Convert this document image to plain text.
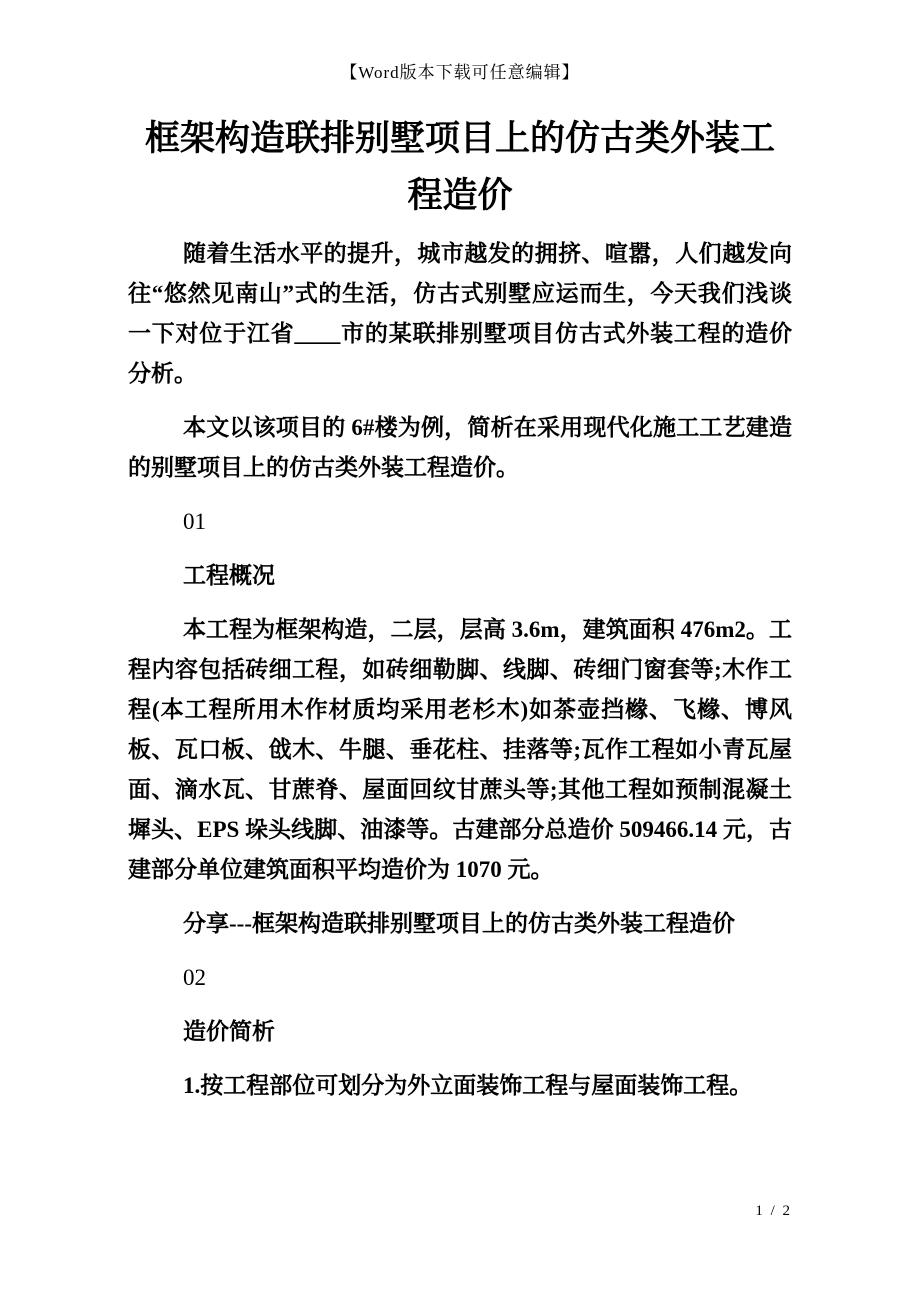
【Word版本下载可任意编辑】
框架构造联排别墅项目上的仿古类外装工程造价

随着生活水平的提升，城市越发的拥挤、喧嚣，人们越发向往“悠然见南山”式的生活，仿古式别墅应运而生，今天我们浅谈一下对位于江省____市的某联排别墅项目仿古式外装工程的造价分析。

本文以该项目的 6#楼为例，简析在采用现代化施工工艺建造的别墅项目上的仿古类外装工程造价。

01

工程概况

本工程为框架构造，二层，层高 3.6m，建筑面积 476m2。工程内容包括砖细工程，如砖细勒脚、线脚、砖细门窗套等;木作工程(本工程所用木作材质均采用老杉木)如茶壶挡橼、飞橼、博风板、瓦口板、戗木、牛腿、垂花柱、挂落等;瓦作工程如小青瓦屋面、滴水瓦、甘蔗脊、屋面回纹甘蔗头等;其他工程如预制混凝土墀头、EPS 垛头线脚、油漆等。古建部分总造价 509466.14 元，古建部分单位建筑面积平均造价为 1070 元。

分享---框架构造联排别墅项目上的仿古类外装工程造价

02

造价简析

1.按工程部位可划分为外立面装饰工程与屋面装饰工程。

1 / 2
